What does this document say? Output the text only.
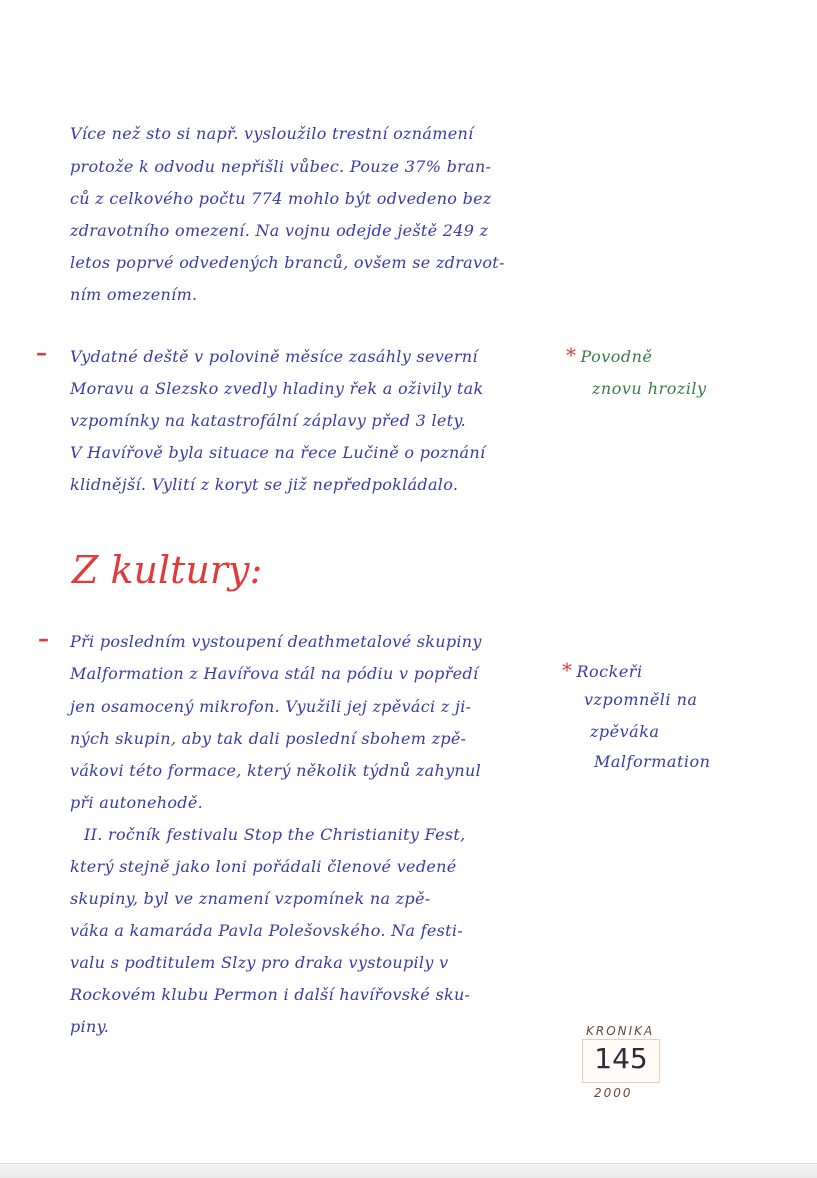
Více než sto si např. vysloužilo trestní oznámení
protože k odvodu nepřišli vůbec. Pouze 37% bran-
ců z celkového počtu 774 mohlo být odvedeno bez
zdravotního omezení. Na vojnu odejde ještě 249 z
letos poprvé odvedených branců, ovšem se zdravot-
ním omezením.
– Vydatné deště v polovině měsíce zasáhly severní
Moravu a Slezsko zvedly hladiny řek a oživily tak
vzpomínky na katastrofální záplavy před 3 lety.
V Havířově byla situace na řece Lučině o poznání
klidnější. Vylití z koryt se již nepředpokládalo.
* Povodně
znovu hrozily
Z kultury:
– Při posledním vystoupení deathmetalové skupiny
Malformation z Havířova stál na pódiu v popředí
jen osamocený mikrofon. Využili jej zpěváci z ji-
ných skupin, aby tak dali poslední sbohem zpě-
vákovi této formace, který několik týdnů zahynul
při autonehodě.
* Rockeři
vzpomněli na
zpěváka
Malformation
II. ročník festivalu Stop the Christianity Fest,
který stejně jako loni pořádali členové vedené
skupiny, byl ve znamení vzpomínek na zpě-
váka a kamaráda Pavla Polešovského. Na festi-
valu s podtitulem Slzy pro draka vystoupily v
Rockovém klubu Permon i další havířovské sku-
piny.	KRONIKA
145
2000
